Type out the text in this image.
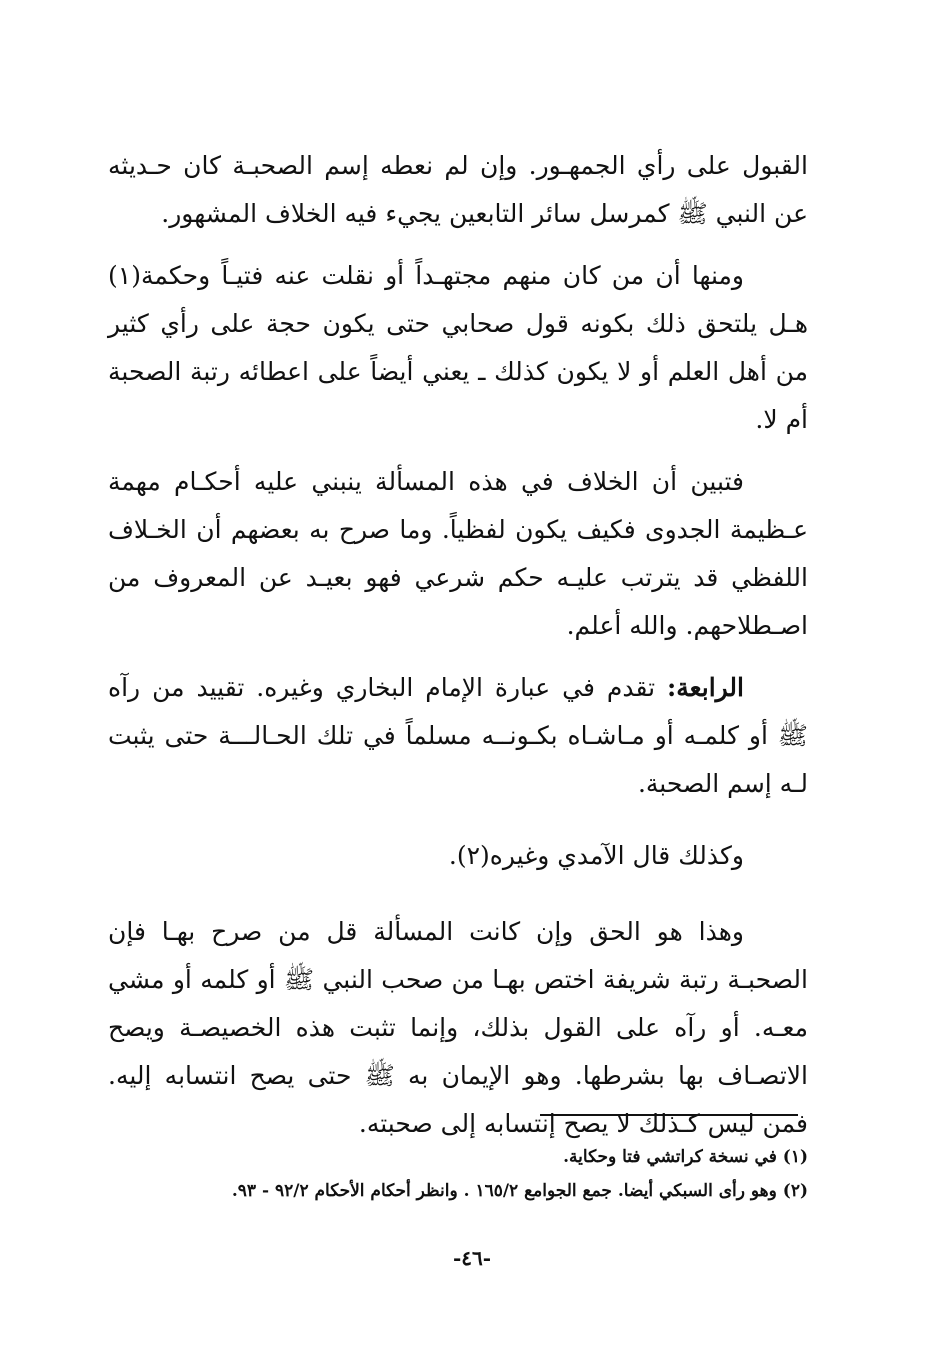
القبول على رأي الجمهـور. وإن لم نعطه إسم الصحبـة كان حـديثه عن النبي ﷺ كمرسل سائر التابعين يجيء فيه الخلاف المشهور.

ومنها أن من كان منهم مجتهـداً أو نقلت عنه فتيـاً وحكمة(١) هـل يلتحق ذلك بكونه قول صحابي حتى يكون حجة على رأي كثير من أهل العلم أو لا يكون كذلك ـ يعني أيضاً على اعطائه رتبة الصحبة أم لا.

فتبين أن الخلاف في هذه المسألة ينبني عليه أحكـام مهمة عـظيمة الجدوى فكيف يكون لفظياً. وما صرح به بعضهم أن الخـلاف اللفظي قد يترتب عليـه حكم شرعي فهو بعيـد عن المعروف من اصـطلاحهم. والله أعلم.

الرابعة: تقدم في عبارة الإمام البخاري وغيره. تقييد من رآه ﷺ أو كلمـه أو مـاشـاه بكـونــه مسلماً في تلك الحـالـــة حتى يثبت لـه إسم الصحبة.

وكذلك قال الآمدي وغيره(٢).

وهذا هو الحق وإن كانت المسألة قل من صرح بهـا فإن الصحبـة رتبة شريفة اختص بهـا من صحب النبي ﷺ أو كلمه أو مشي معـه. أو رآه على القول بذلك، وإنما تثبت هذه الخصيصـة ويصح الاتصـاف بها بشرطها. وهو الإيمان به ﷺ حتى يصح انتسابه إليه. فمن ليس كـذلك لا يصح إنتسابه إلى صحبته.

(١) في نسخة كراتشي فتا وحكاية.

(٢) وهو رأى السبكي أيضا. جمع الجوامع ١٦٥/٢ . وانظر أحكام الأحكام ٩٢/٢ - ٩٣.

-٤٦-
